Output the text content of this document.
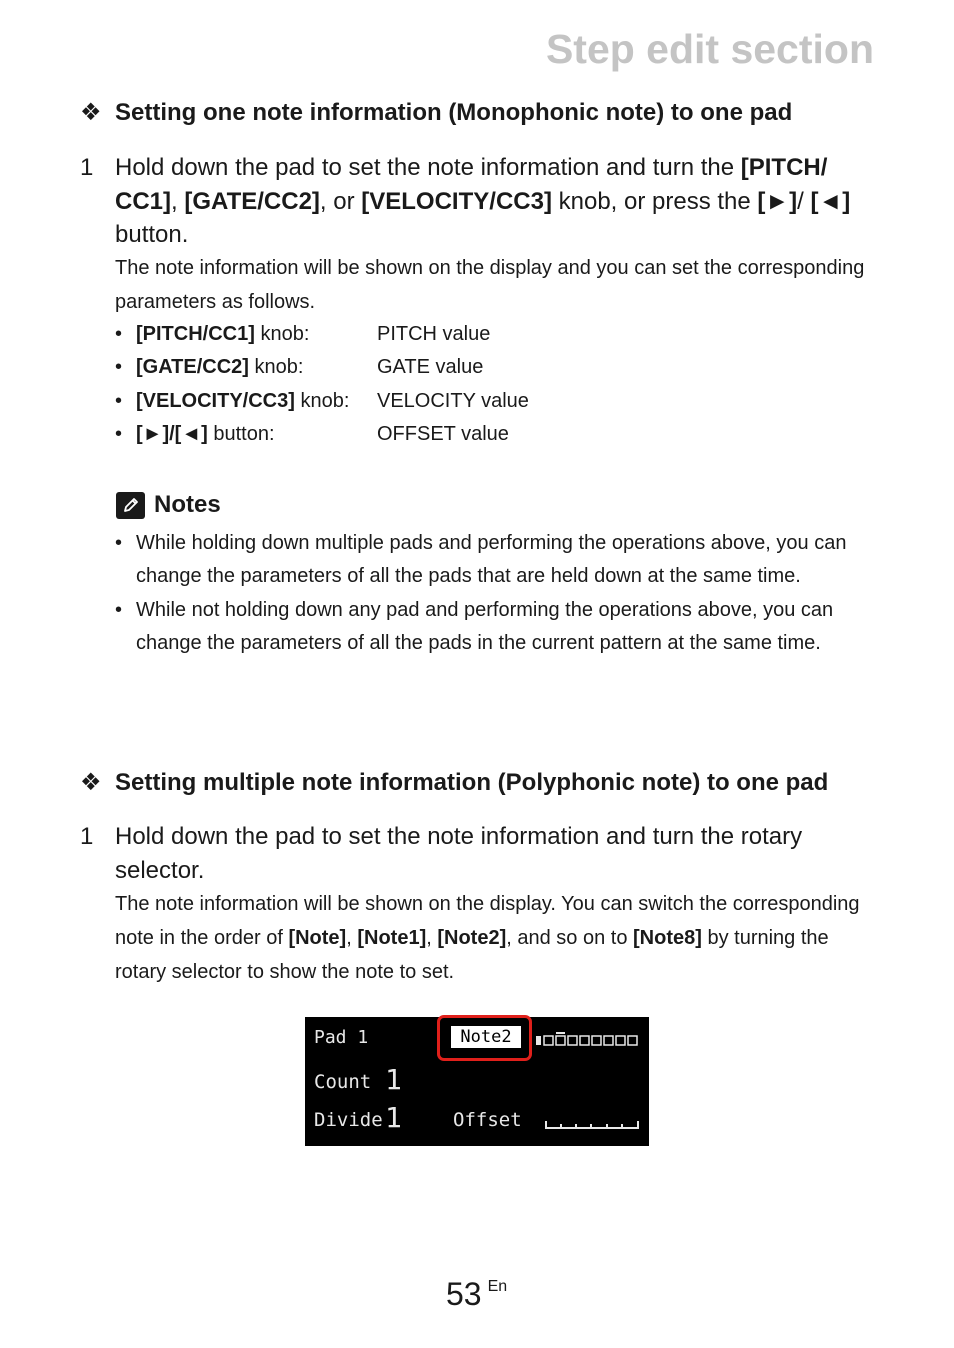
Step edit section
❖ Setting one note information (Monophonic note) to one pad
1 Hold down the pad to set the note information and turn the [PITCH/ CC1], [GATE/CC2], or [VELOCITY/CC3] knob, or press the [►]/ [◄] button.
The note information will be shown on the display and you can set the corresponding parameters as follows.
• [PITCH/CC1] knob:	PITCH value
• [GATE/CC2] knob:	GATE value
• [VELOCITY/CC3] knob:	VELOCITY value
• [►]/[◄] button:	OFFSET value
Notes
• While holding down multiple pads and performing the operations above, you can change the parameters of all the pads that are held down at the same time.
• While not holding down any pad and performing the operations above, you can change the parameters of all the pads in the current pattern at the same time.
❖ Setting multiple note information (Polyphonic note) to one pad
1 Hold down the pad to set the note information and turn the rotary selector.
The note information will be shown on the display. You can switch the corresponding note in the order of [Note], [Note1], [Note2], and so on to [Note8] by turning the rotary selector to show the note to set.
Pad 1	Note2
Count 1
Divide 1	Offset
53 $^{En}$
